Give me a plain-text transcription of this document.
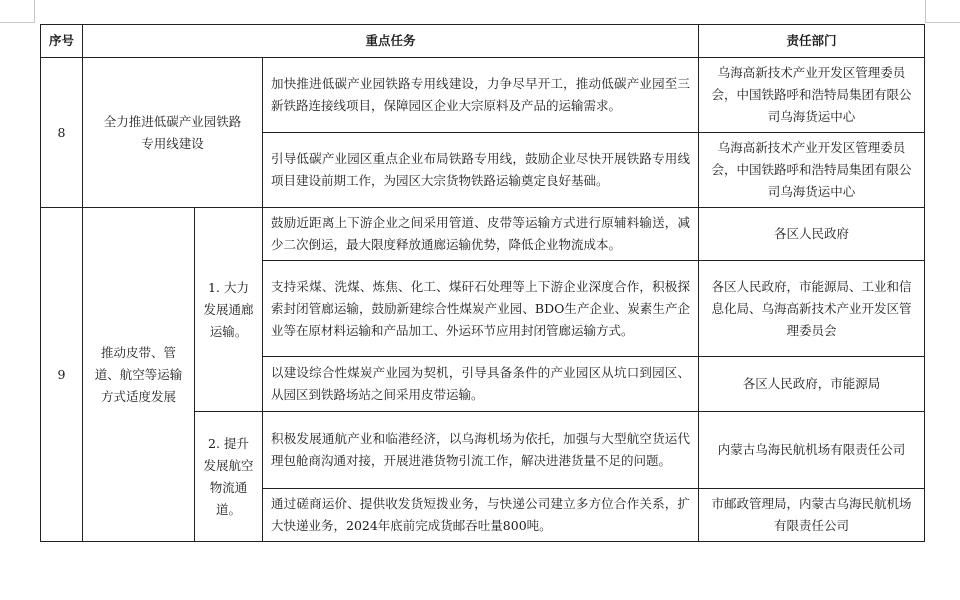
序号	重点任务			责任部门
8	全力推进低碳产业园铁路专用线建设		加快推进低碳产业园铁路专用线建设，力争尽早开工，推动低碳产业园至三新铁路连接线项目，保障园区企业大宗原料及产品的运输需求。	乌海高新技术产业开发区管理委员会，中国铁路呼和浩特局集团有限公司乌海货运中心
			引导低碳产业园区重点企业布局铁路专用线，鼓励企业尽快开展铁路专用线项目建设前期工作，为园区大宗货物铁路运输奠定良好基础。	乌海高新技术产业开发区管理委员会，中国铁路呼和浩特局集团有限公司乌海货运中心
9	推动皮带、管道、航空等运输方式适度发展	1. 大力发展通廊运输。	鼓励近距离上下游企业之间采用管道、皮带等运输方式进行原辅料输送，减少二次倒运，最大限度释放通廊运输优势，降低企业物流成本。	各区人民政府
			支持采煤、洗煤、炼焦、化工、煤矸石处理等上下游企业深度合作，积极探索封闭管廊运输，鼓励新建综合性煤炭产业园、BDO生产企业、炭素生产企业等在原材料运输和产品加工、外运环节应用封闭管廊运输方式。	各区人民政府，市能源局、工业和信息化局、乌海高新技术产业开发区管理委员会
			以建设综合性煤炭产业园为契机，引导具备条件的产业园区从坑口到园区、从园区到铁路场站之间采用皮带运输。	各区人民政府，市能源局
		2. 提升发展航空物流通道。	积极发展通航产业和临港经济，以乌海机场为依托，加强与大型航空货运代理包舱商沟通对接，开展进港货物引流工作，解决进港货量不足的问题。	内蒙古乌海民航机场有限责任公司
			通过磋商运价、提供收发货短拨业务，与快递公司建立多方位合作关系，扩大快递业务，2024年底前完成货邮吞吐量800吨。	市邮政管理局，内蒙古乌海民航机场有限责任公司
